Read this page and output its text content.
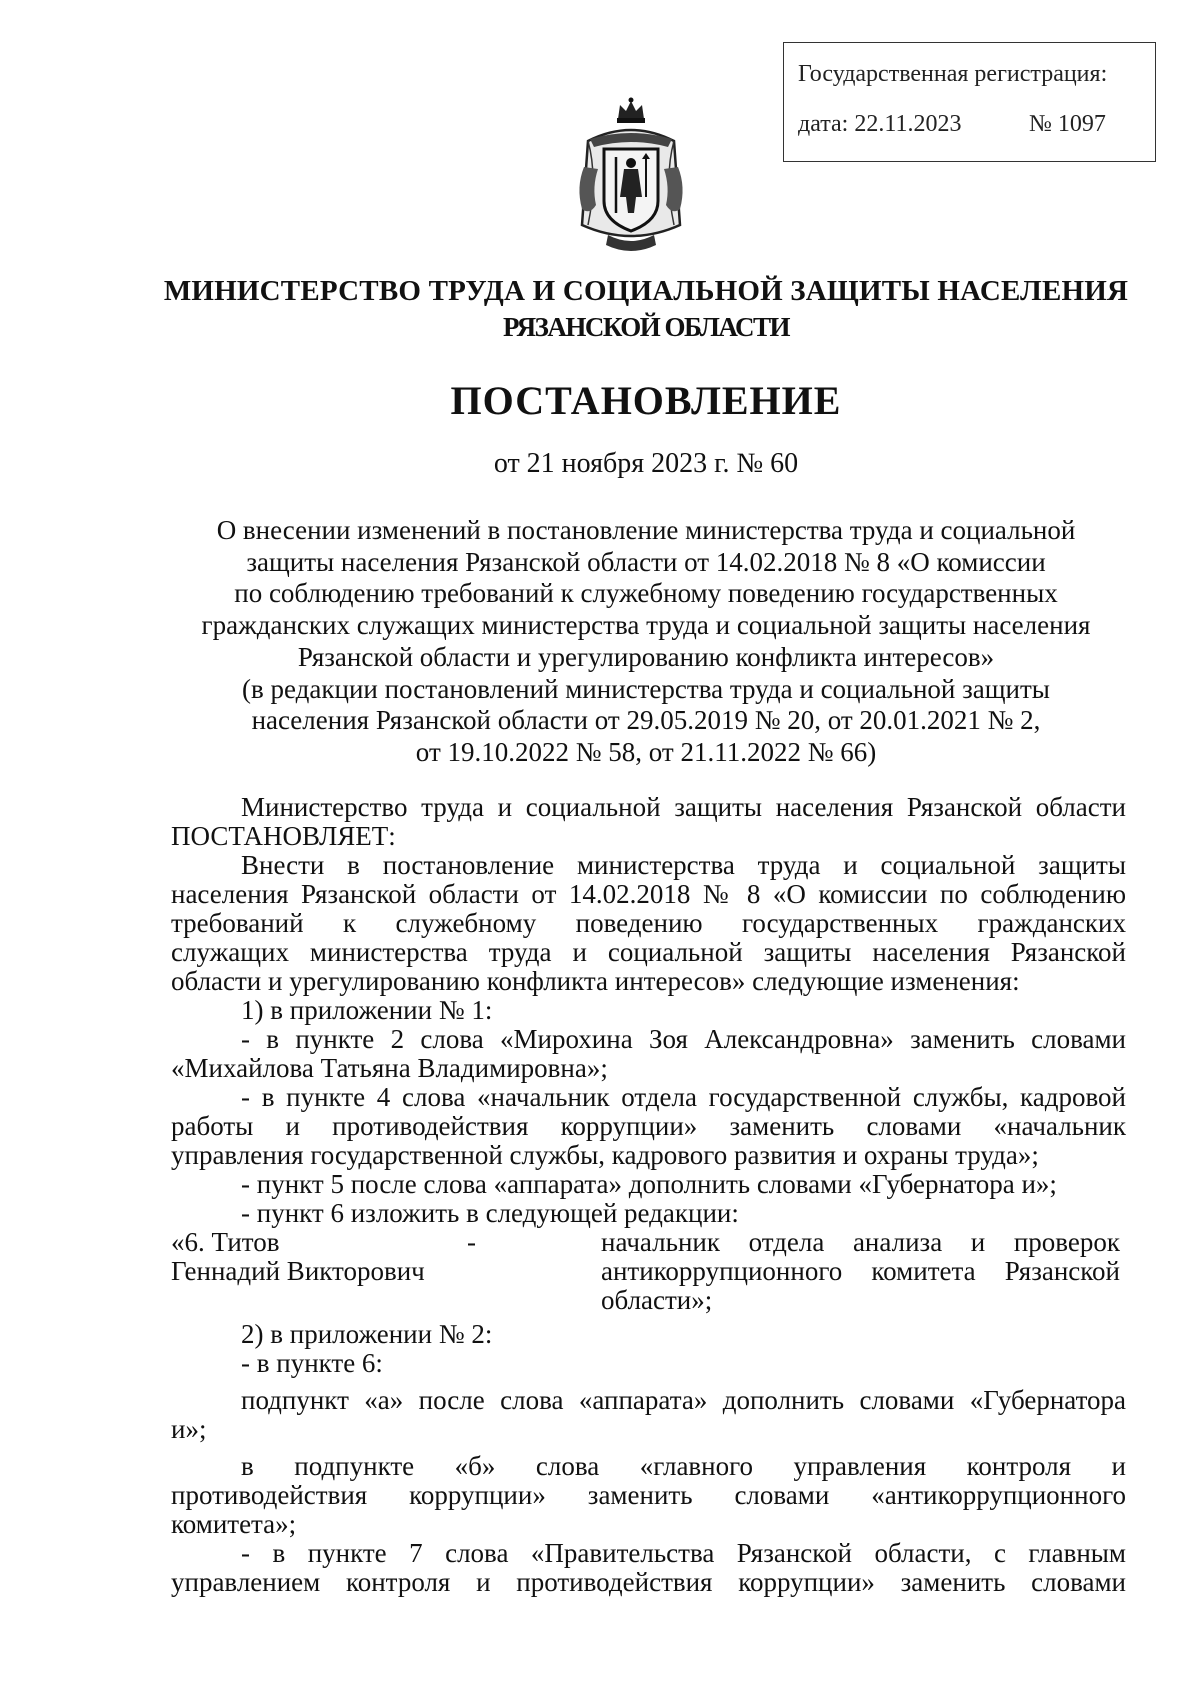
Государственная регистрация:
дата: 22.11.2023	№ 1097
МИНИСТЕРСТВО ТРУДА И СОЦИАЛЬНОЙ ЗАЩИТЫ НАСЕЛЕНИЯ
РЯЗАНСКОЙ ОБЛАСТИ
ПОСТАНОВЛЕНИЕ
от 21 ноября 2023 г. № 60
О внесении изменений в постановление министерства труда и социальной
защиты населения Рязанской области от 14.02.2018 № 8 «О комиссии
по соблюдению требований к служебному поведению государственных
гражданских служащих министерства труда и социальной защиты населения
Рязанской области и урегулированию конфликта интересов»
(в редакции постановлений министерства труда и социальной защиты
населения Рязанской области от 29.05.2019 № 20, от 20.01.2021 № 2,
от 19.10.2022 № 58, от 21.11.2022 № 66)
Министерство труда и социальной защиты населения Рязанской области
ПОСТАНОВЛЯЕТ:
Внести в постановление министерства труда и социальной защиты
населения Рязанской области от 14.02.2018 № 8 «О комиссии по соблюдению
требований к служебному поведению государственных гражданских
служащих министерства труда и социальной защиты населения Рязанской
области и урегулированию конфликта интересов» следующие изменения:
1) в приложении № 1:
- в пункте 2 слова «Мирохина Зоя Александровна» заменить словами
«Михайлова Татьяна Владимировна»;
- в пункте 4 слова «начальник отдела государственной службы, кадровой
работы и противодействия коррупции» заменить словами «начальник
управления государственной службы, кадрового развития и охраны труда»;
- пункт 5 после слова «аппарата» дополнить словами «Губернатора и»;
- пункт 6 изложить в следующей редакции:
«6. Титов
Геннадий Викторович
-	начальник отдела анализа и проверок антикоррупционного комитета Рязанской области»;
2) в приложении № 2:
- в пункте 6:
подпункт «а» после слова «аппарата» дополнить словами «Губернатора
и»;
в подпункте «б» слова «главного управления контроля и
противодействия коррупции» заменить словами «антикоррупционного
комитета»;
- в пункте 7 слова «Правительства Рязанской области, с главным
управлением контроля и противодействия коррупции» заменить словами
